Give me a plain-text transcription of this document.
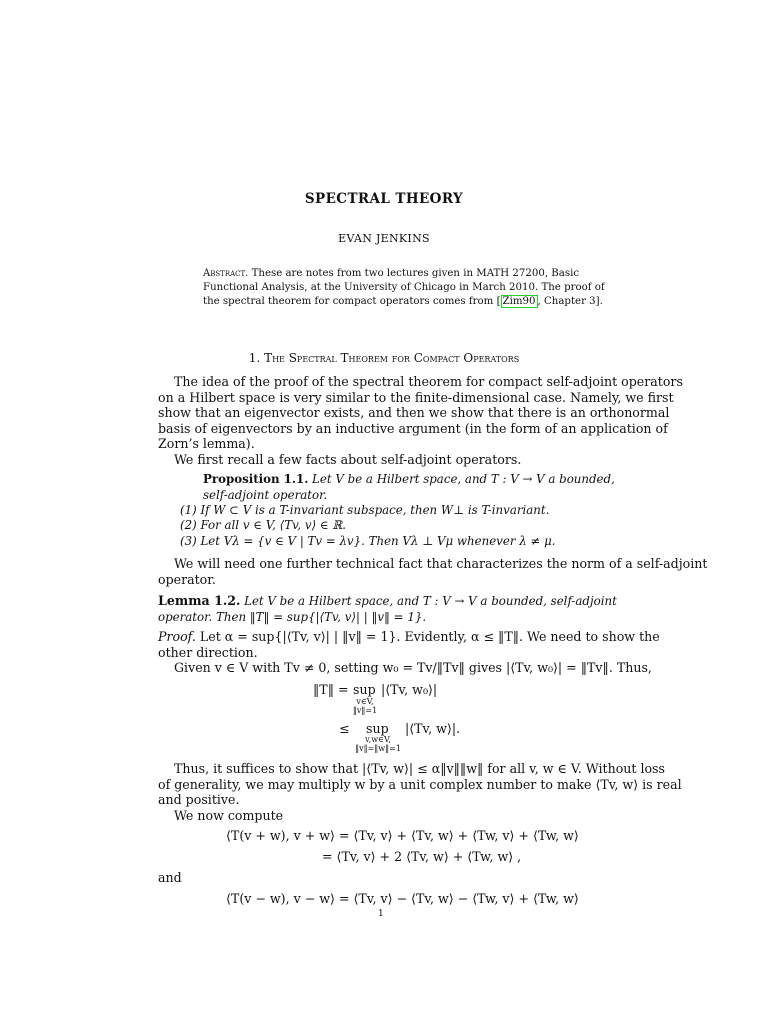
SPECTRAL THEORY
EVAN JENKINS
Abstract. These are notes from two lectures given in MATH 27200, Basic
Functional Analysis, at the University of Chicago in March 2010. The proof of
the spectral theorem for compact operators comes from [ Zim90 , Chapter 3].
1. The Spectral Theorem for Compact Operators
The idea of the proof of the spectral theorem for compact self-adjoint operators
on a Hilbert space is very similar to the finite-dimensional case. Namely, we first
show that an eigenvector exists, and then we show that there is an orthonormal
basis of eigenvectors by an inductive argument (in the form of an application of
Zorn’s lemma).
We first recall a few facts about self-adjoint operators.
Proposition 1.1. Let V be a Hilbert space, and T : V → V a bounded,
self-adjoint operator.
(1) If W ⊂ V is a T-invariant subspace, then W⊥ is T-invariant.
(2) For all v ∈ V, ⟨Tv, v⟩ ∈ ℝ.
(3) Let Vλ = {v ∈ V | Tv = λv}. Then Vλ ⊥ Vμ whenever λ ≠ μ.
We will need one further technical fact that characterizes the norm of a self-adjoint
operator.
Lemma 1.2. Let V be a Hilbert space, and T : V → V a bounded, self-adjoint
operator. Then ‖T‖ = sup{|⟨Tv, v⟩| | ‖v‖ = 1}.
Proof. Let α = sup{|⟨Tv, v⟩| | ‖v‖ = 1}. Evidently, α ≤ ‖T‖. We need to show the
other direction.
Given v ∈ V with Tv ≠ 0, setting w₀ = Tv/‖Tv‖ gives |⟨Tv, w₀⟩| = ‖Tv‖. Thus,
‖T‖ = sup
v∈V,
‖v‖=1
|⟨Tv, w₀⟩|
≤ sup
v,w∈V,
‖v‖=‖w‖=1
|⟨Tv, w⟩|.
Thus, it suffices to show that |⟨Tv, w⟩| ≤ α‖v‖‖w‖ for all v, w ∈ V. Without loss
of generality, we may multiply w by a unit complex number to make ⟨Tv, w⟩ is real
and positive.
We now compute
⟨T(v + w), v + w⟩ = ⟨Tv, v⟩ + ⟨Tv, w⟩ + ⟨Tw, v⟩ + ⟨Tw, w⟩
= ⟨Tv, v⟩ + 2 ⟨Tv, w⟩ + ⟨Tw, w⟩ ,
and
⟨T(v − w), v − w⟩ = ⟨Tv, v⟩ − ⟨Tv, w⟩ − ⟨Tw, v⟩ + ⟨Tw, w⟩
1
